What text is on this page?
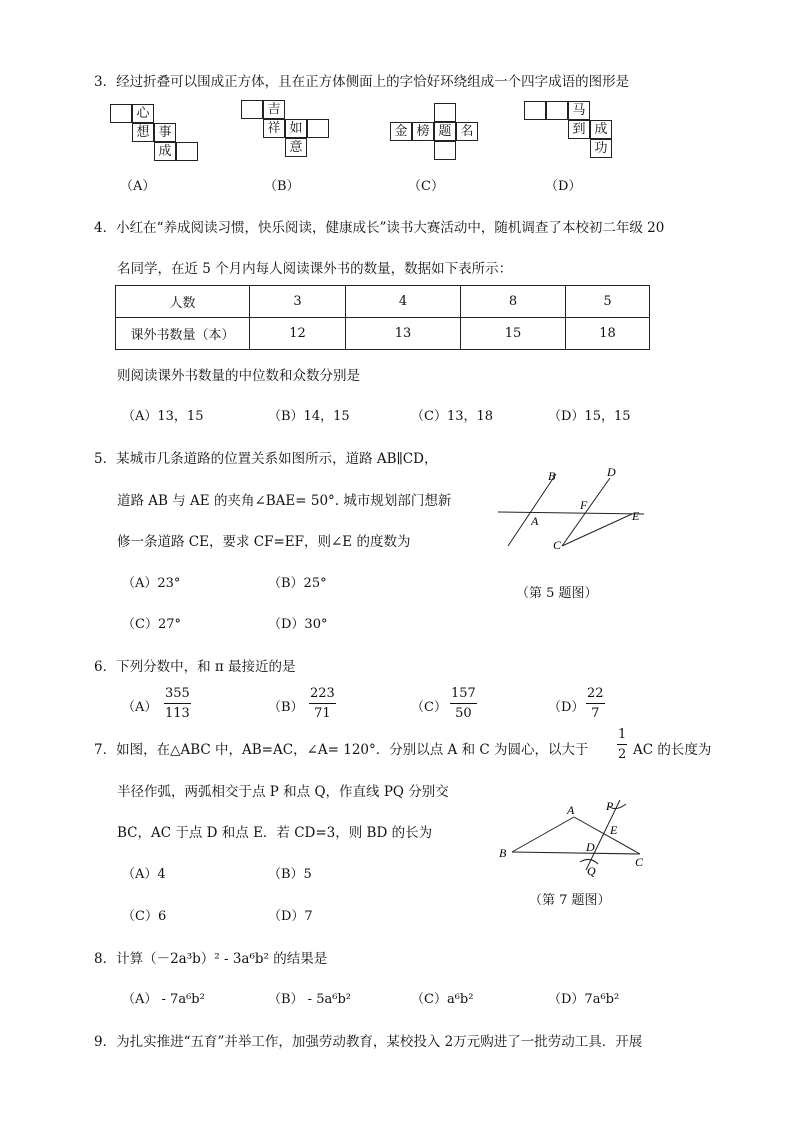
3．经过折叠可以围成正方体，且在正方体侧面上的字恰好环绕组成一个四字成语的图形是
心
想 事
成
（A）
吉
祥 如
意
（B）
金 榜 题 名
（C）
马
到 成
功
（D）
4．小红在“养成阅读习惯，快乐阅读，健康成长”读书大赛活动中，随机调查了本校初二年级 20
名同学，在近 5 个月内每人阅读课外书的数量，数据如下表所示：
人数	3	4	8	5
课外书数量（本）	12	13	15	18
则阅读课外书数量的中位数和众数分别是
（A）13，15	（B）14，15	（C）13，18	（D）15，15
5．某城市几条道路的位置关系如图所示，道路 AB∥CD，
道路 AB 与 AE 的夹角∠BAE= 50°. 城市规划部门想新
修一条道路 CE，要求 CF=EF，则∠E 的度数为
（A）23°	（B）25°
（C）27°	（D）30°
B	D
F
E
A
C
（第 5 题图）
6．下列分数中，和 π 最接近的是
$(A) \frac{355}{113}$	$(B) \frac{223}{71}$	$(C) \frac{157}{50}$	$(D) \frac{22}{7}$
7．如图，在△ABC 中，AB=AC，∠A= 120°．分别以点 A 和 C 为圆心，以大于 $\frac{1}{2}$ AC 的长度为
半径作弧，两弧相交于点 P 和点 Q，作直线 PQ 分别交
BC，AC 于点 D 和点 E．若 CD=3，则 BD 的长为
（A）4	（B）5
（C）6	（D）7
A	P
E
B	D
C
Q
（第 7 题图）
8．计算（－2a³b）² - 3a⁶b² 的结果是
（A） - 7a⁶b²	（B） - 5a⁶b²	（C）a⁶b²	（D）7a⁶b²
9．为扎实推进“五育”并举工作，加强劳动教育，某校投入 2万元购进了一批劳动工具．开展
